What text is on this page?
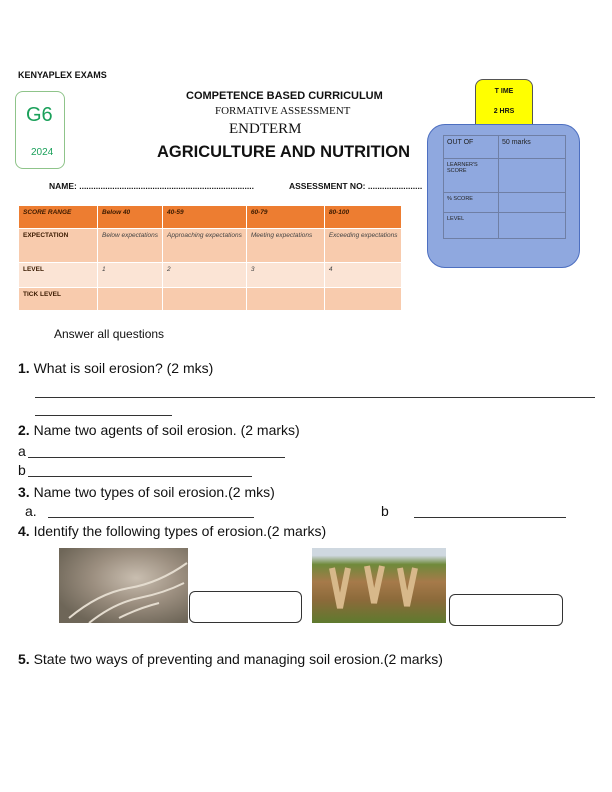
KENYAPLEX EXAMS
G6
2024
COMPETENCE BASED CURRICULUM
FORMATIVE ASSESSMENT
ENDTERM
AGRICULTURE AND NUTRITION
T IME
2 HRS
OUT OF	50 marks
LEARNER'S SCORE	
% SCORE	
LEVEL	
NAME: ..........................................................................	ASSESSMENT NO: .......................
SCORE RANGE	Below 40	40-59	60-79	80-100
EXPECTATION	Below expectations	Approaching expectations	Meeting expectations	Exceeding expectations
LEVEL	1	2	3	4
TICK LEVEL				
Answer all questions
1. What is soil erosion? (2 mks)
2. Name two agents of soil erosion. (2 marks)
a
b
3. Name two types of soil erosion.(2 mks)
a.	b
4. Identify the following types of erosion.(2 marks)
5. State two ways of preventing and managing soil erosion.(2 marks)
